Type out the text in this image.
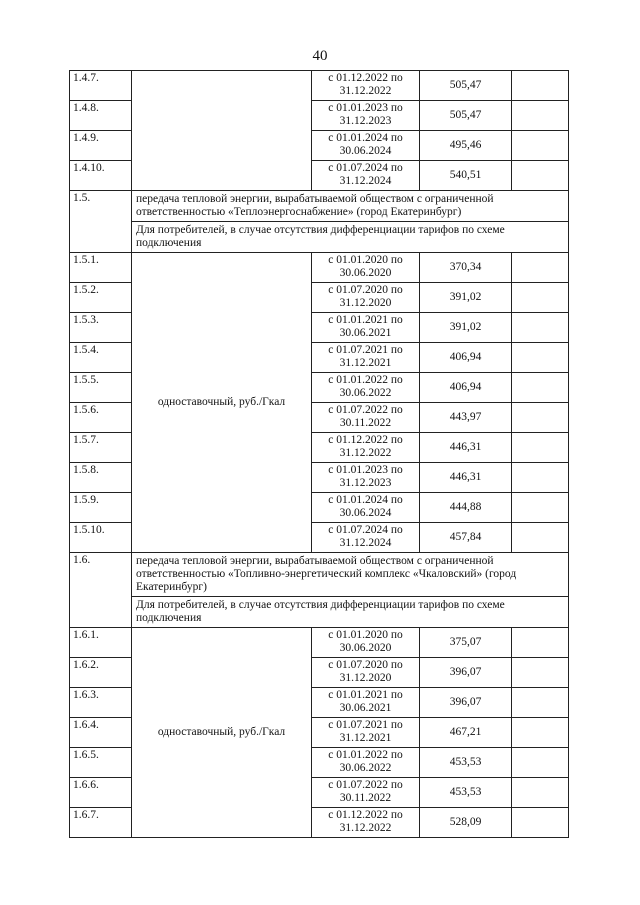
40
1.4.7.		с 01.12.2022 по 31.12.2022	505,47	
1.4.8.		с 01.01.2023 по 31.12.2023	505,47	
1.4.9.		с 01.01.2024 по 30.06.2024	495,46	
1.4.10.		с 01.07.2024 по 31.12.2024	540,51	
1.5.	передача тепловой энергии, вырабатываемой обществом с ограниченной ответственностью «Теплоэнергоснабжение» (город Екатеринбург)			
	Для потребителей, в случае отсутствия дифференциации тарифов по схеме подключения			
1.5.1.	одноставочный, руб./Гкал	с 01.01.2020 по 30.06.2020	370,34	
1.5.2.		с 01.07.2020 по 31.12.2020	391,02	
1.5.3.		с 01.01.2021 по 30.06.2021	391,02	
1.5.4.		с 01.07.2021 по 31.12.2021	406,94	
1.5.5.		с 01.01.2022 по 30.06.2022	406,94	
1.5.6.		с 01.07.2022 по 30.11.2022	443,97	
1.5.7.		с 01.12.2022 по 31.12.2022	446,31	
1.5.8.		с 01.01.2023 по 31.12.2023	446,31	
1.5.9.		с 01.01.2024 по 30.06.2024	444,88	
1.5.10.		с 01.07.2024 по 31.12.2024	457,84	
1.6.	передача тепловой энергии, вырабатываемой обществом с ограниченной ответственностью «Топливно-энергетический комплекс «Чкаловский» (город Екатеринбург)			
	Для потребителей, в случае отсутствия дифференциации тарифов по схеме подключения			
1.6.1.	одноставочный, руб./Гкал	с 01.01.2020 по 30.06.2020	375,07	
1.6.2.		с 01.07.2020 по 31.12.2020	396,07	
1.6.3.		с 01.01.2021 по 30.06.2021	396,07	
1.6.4.		с 01.07.2021 по 31.12.2021	467,21	
1.6.5.		с 01.01.2022 по 30.06.2022	453,53	
1.6.6.		с 01.07.2022 по 30.11.2022	453,53	
1.6.7.		с 01.12.2022 по 31.12.2022	528,09	
